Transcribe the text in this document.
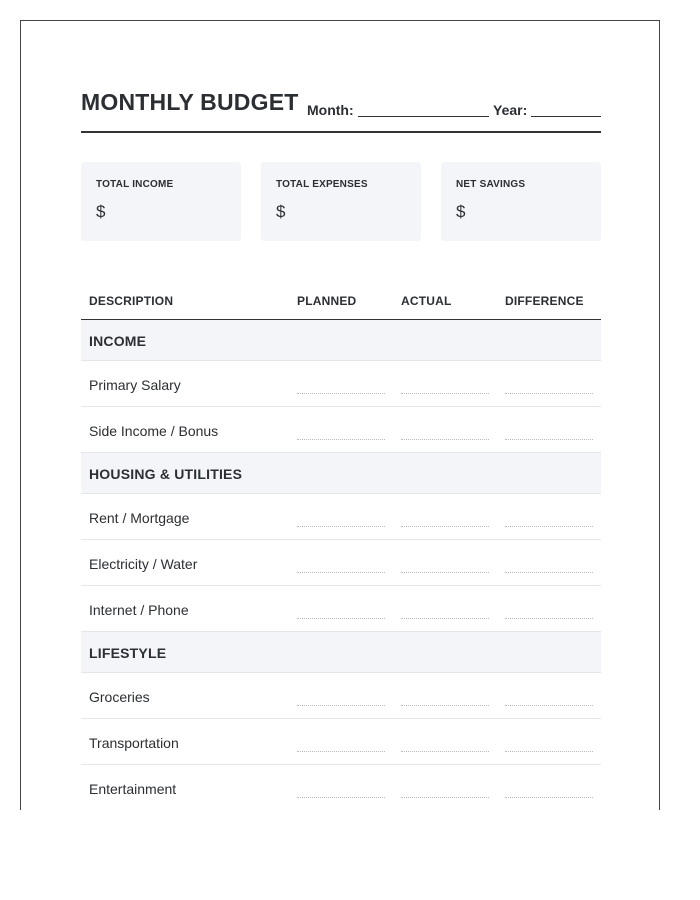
MONTHLY BUDGET Month:	Year:
TOTAL INCOME
$
TOTAL EXPENSES
$
NET SAVINGS
$
DESCRIPTION	PLANNED	ACTUAL	DIFFERENCE
INCOME
Primary Salary
Side Income / Bonus
HOUSING & UTILITIES
Rent / Mortgage
Electricity / Water
Internet / Phone
LIFESTYLE
Groceries
Transportation
Entertainment
